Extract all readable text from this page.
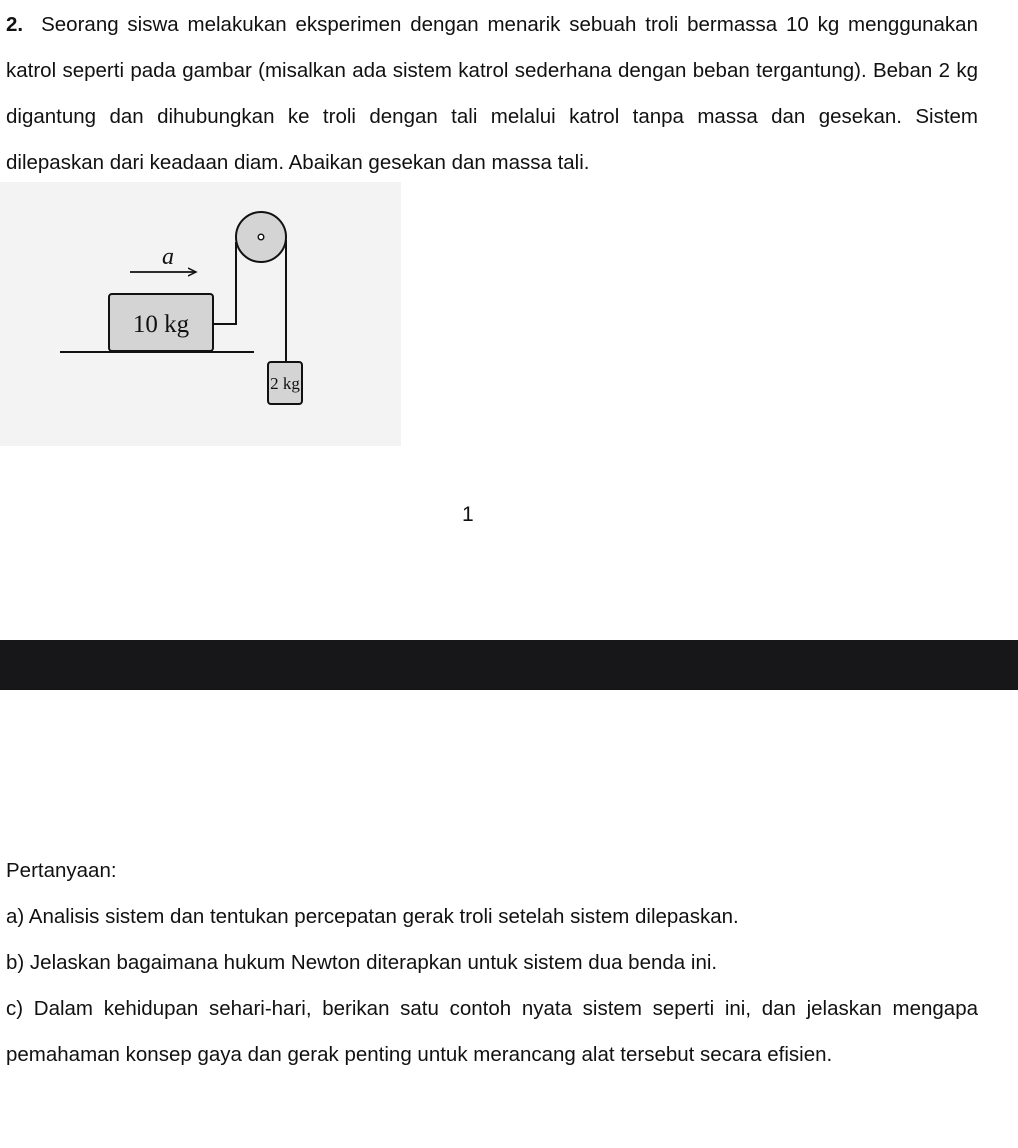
2. Seorang siswa melakukan eksperimen dengan menarik sebuah troli bermassa 10 kg menggunakan katrol seperti pada gambar (misalkan ada sistem katrol sederhana dengan beban tergantung). Beban 2 kg digantung dan dihubungkan ke troli dengan tali melalui katrol tanpa massa dan gesekan. Sistem dilepaskan dari keadaan diam. Abaikan gesekan dan massa tali.

a
10 kg
2 kg

1

Pertanyaan:

a) Analisis sistem dan tentukan percepatan gerak troli setelah sistem dilepaskan.

b) Jelaskan bagaimana hukum Newton diterapkan untuk sistem dua benda ini.

c) Dalam kehidupan sehari-hari, berikan satu contoh nyata sistem seperti ini, dan jelaskan mengapa pemahaman konsep gaya dan gerak penting untuk merancang alat tersebut secara efisien.
